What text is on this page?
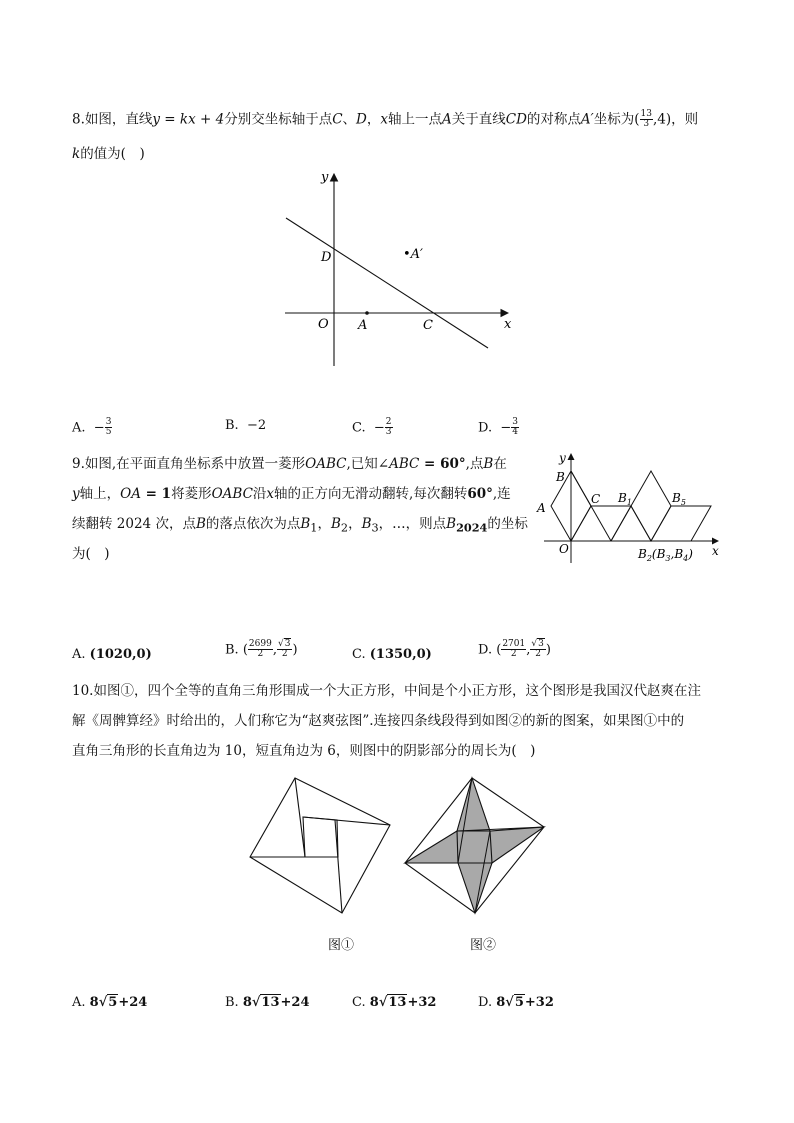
8.如图，直线y = kx + 4分别交坐标轴于点C、D，x轴上一点A关于直线CD的对称点A′坐标为( $\frac{13}{3} ,4$)，则
k的值为(　)
y
x
O A	C
D	•A′
A. − $\frac{3}{5}$	B. −2	C. − $\frac{2}{3}$	D. − $\frac{3}{4}$
9.如图,在平面直角坐标系中放置一菱形OABC,已知∠ABC = 60°,点B在
y轴上，OA = 1将菱形OABC沿x轴的正方向无滑动翻转,每次翻转60°,连
续翻转 2024 次，点B的落点依次为点$B_1$，$B_2$，$B_3$，…，则点$B_{2024}$的坐标
为(　)
y
x
O
A
B
C $B_1$	$B_5$
$B_2(B_3,B_4)$
A. (1020,0)	B. ( $\frac{2699}{2}$ , $\frac{√3}{2}$ )	C. (1350,0)	D. ( $\frac{2701}{2}$ , $\frac{√3}{2}$ )
10.如图①，四个全等的直角三角形围成一个大正方形，中间是个小正方形，这个图形是我国汉代赵爽在注
解《周髀算经》时给出的，人们称它为“赵爽弦图”.连接四条线段得到如图②的新的图案，如果图①中的
直角三角形的长直角边为 10，短直角边为 6，则图中的阴影部分的周长为(　)
图①	图②
A. 8√5+24	B. 8√13+24	C. 8√13+32	D. 8√5+32
